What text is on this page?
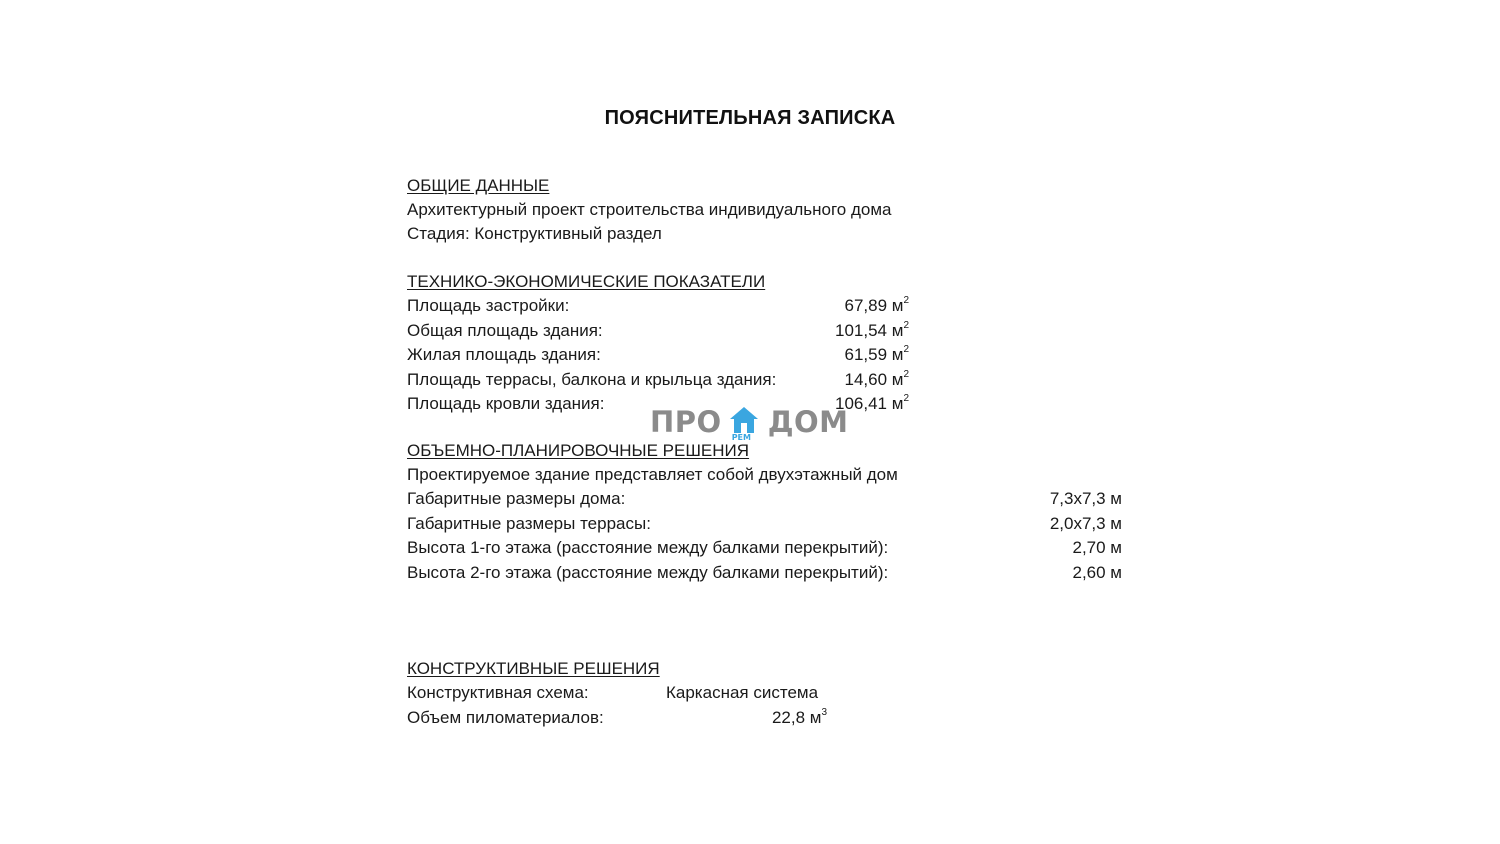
ПОЯСНИТЕЛЬНАЯ ЗАПИСКА
ОБЩИЕ ДАННЫЕ
Архитектурный проект строительства индивидуального дома
Стадия: Конструктивный раздел
ТЕХНИКО-ЭКОНОМИЧЕСКИЕ ПОКАЗАТЕЛИ
Площадь застройки:	67,89 $м^2$
Общая площадь здания:	101,54 $м^2$
Жилая площадь здания:	61,59 $м^2$
Площадь террасы, балкона и крыльца здания:	14,60 $м^2$
Площадь кровли здания:	106,41 $м^2$
ПРО РЕМ ДОМ
ОБЪЕМНО-ПЛАНИРОВОЧНЫЕ РЕШЕНИЯ
Проектируемое здание представляет собой двухэтажный дом
Габаритные размеры дома:	7,3х7,3 м
Габаритные размеры террасы:	2,0х7,3 м
Высота 1-го этажа (расстояние между балками перекрытий):	2,70 м
Высота 2-го этажа (расстояние между балками перекрытий):	2,60 м
КОНСТРУКТИВНЫЕ РЕШЕНИЯ
Конструктивная схема:	Каркасная система
Объем пиломатериалов:	22,8 $м^3$
